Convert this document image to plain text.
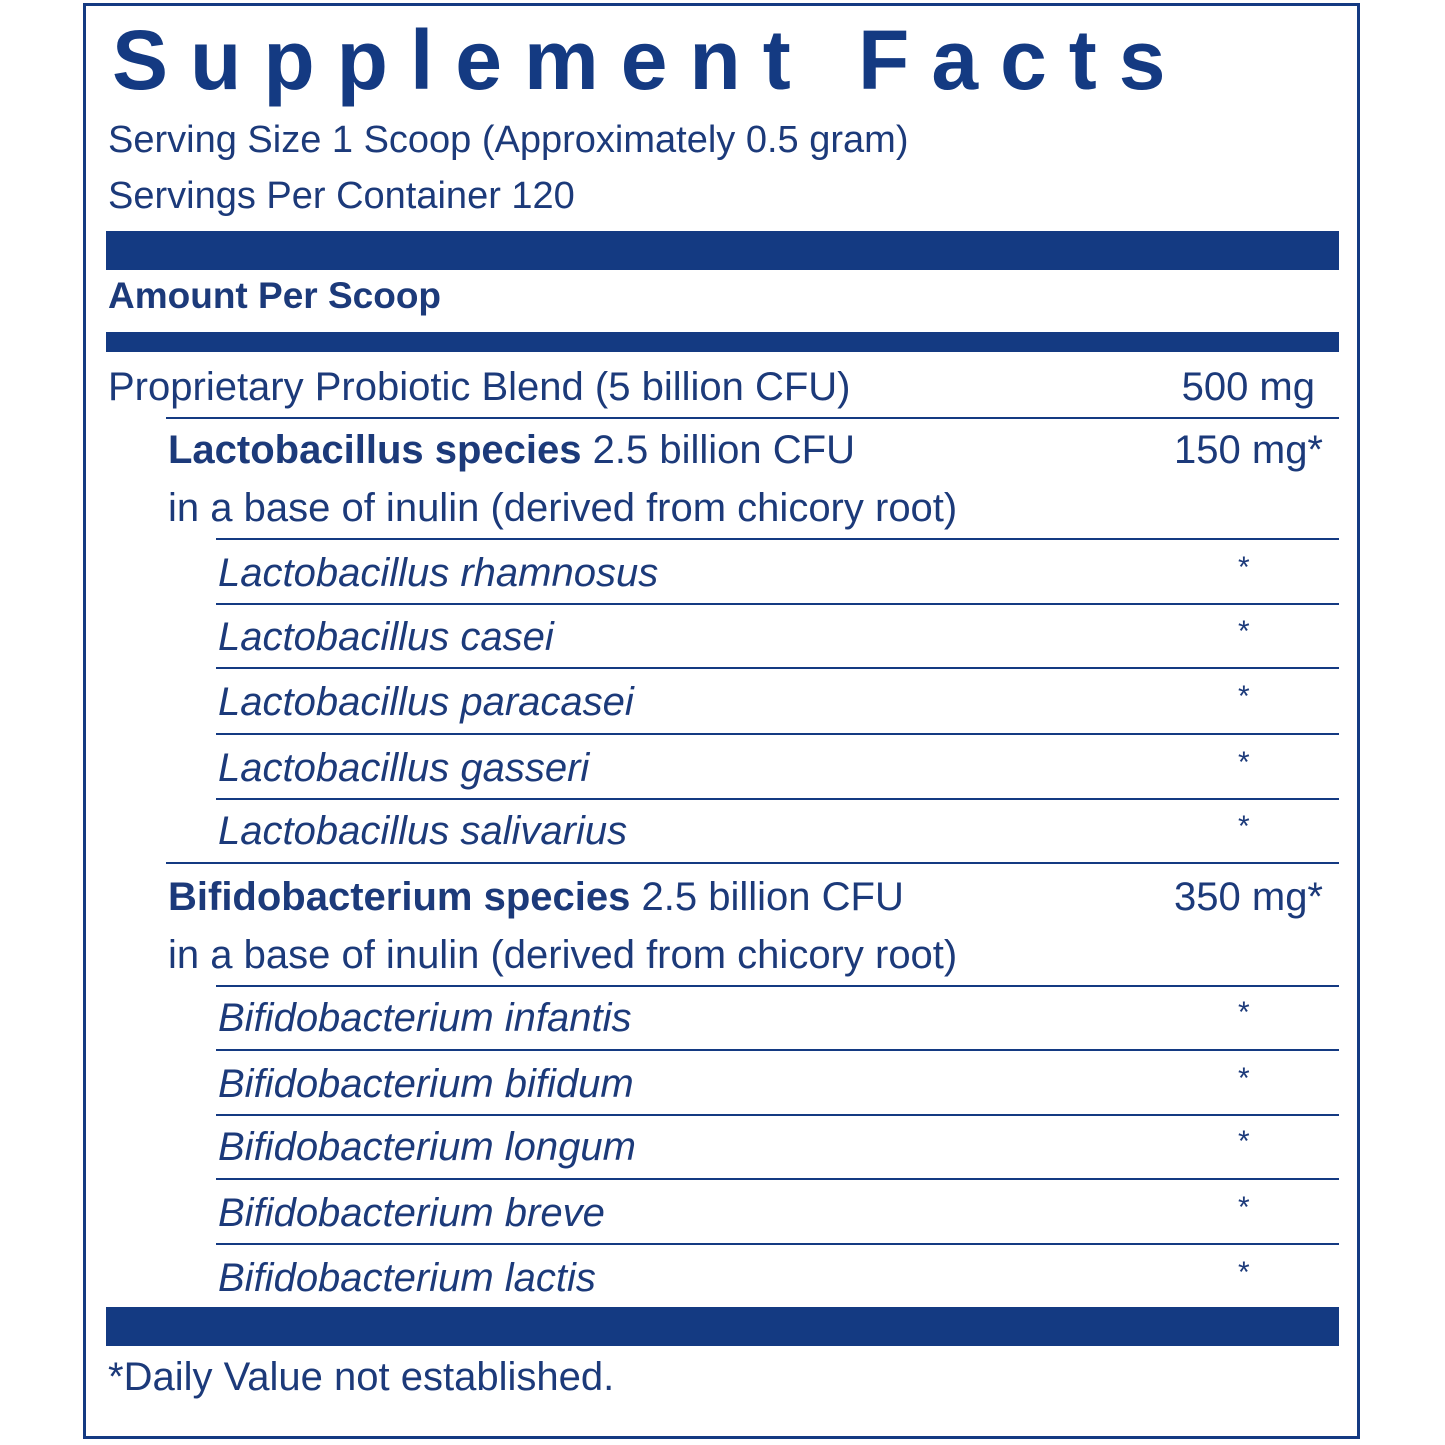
Supplement Facts
Serving Size 1 Scoop (Approximately 0.5 gram)
Servings Per Container 120
Amount Per Scoop
Proprietary Probiotic Blend (5 billion CFU)	500 mg
Lactobacillus species 2.5 billion CFU	150 mg*
in a base of inulin (derived from chicory root)
Lactobacillus rhamnosus	*
Lactobacillus casei	*
Lactobacillus paracasei	*
Lactobacillus gasseri	*
Lactobacillus salivarius	*
Bifidobacterium species 2.5 billion CFU	350 mg*
in a base of inulin (derived from chicory root)
Bifidobacterium infantis	*
Bifidobacterium bifidum	*
Bifidobacterium longum	*
Bifidobacterium breve	*
Bifidobacterium lactis	*
*Daily Value not established.
